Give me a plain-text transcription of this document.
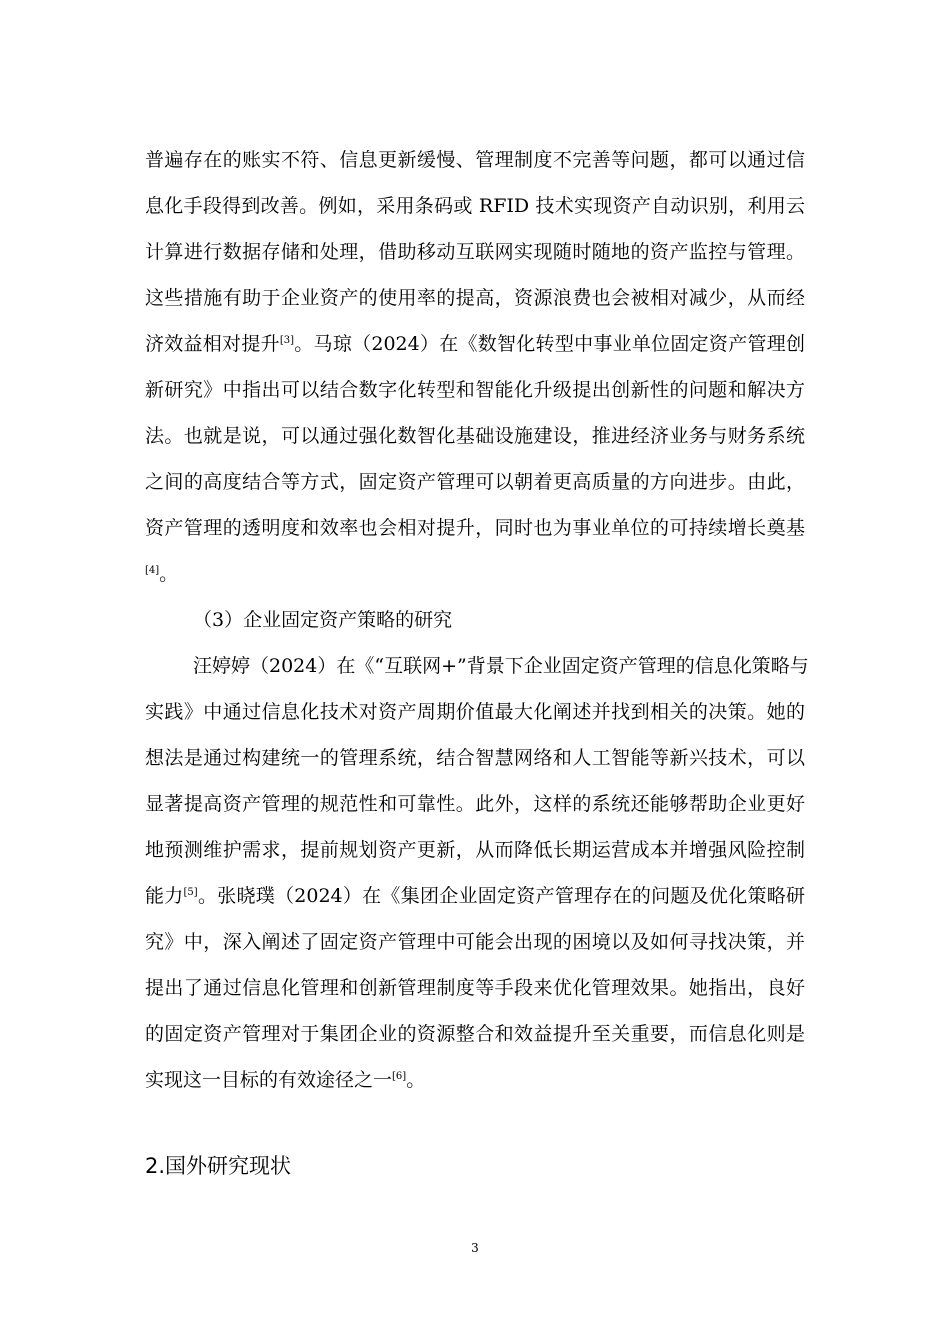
普遍存在的账实不符、信息更新缓慢、管理制度不完善等问题，都可以通过信
息化手段得到改善。例如，采用条码或 RFID 技术实现资产自动识别，利用云
计算进行数据存储和处理，借助移动互联网实现随时随地的资产监控与管理。
这些措施有助于企业资产的使用率的提高，资源浪费也会被相对减少，从而经
济效益相对提升[3]。马琼（2024）在《数智化转型中事业单位固定资产管理创
新研究》中指出可以结合数字化转型和智能化升级提出创新性的问题和解决方
法。也就是说，可以通过强化数智化基础设施建设，推进经济业务与财务系统
之间的高度结合等方式，固定资产管理可以朝着更高质量的方向进步。由此，
资产管理的透明度和效率也会相对提升，同时也为事业单位的可持续增长奠基
[4]。
（3）企业固定资产策略的研究
汪婷婷（2024）在《“互联网+”背景下企业固定资产管理的信息化策略与
实践》中通过信息化技术对资产周期价值最大化阐述并找到相关的决策。她的
想法是通过构建统一的管理系统，结合智慧网络和人工智能等新兴技术，可以
显著提高资产管理的规范性和可靠性。此外，这样的系统还能够帮助企业更好
地预测维护需求，提前规划资产更新，从而降低长期运营成本并增强风险控制
能力[5]。张晓璞（2024）在《集团企业固定资产管理存在的问题及优化策略研
究》中，深入阐述了固定资产管理中可能会出现的困境以及如何寻找决策，并
提出了通过信息化管理和创新管理制度等手段来优化管理效果。她指出，良好
的固定资产管理对于集团企业的资源整合和效益提升至关重要，而信息化则是
实现这一目标的有效途径之一[6]。
2.国外研究现状
3
